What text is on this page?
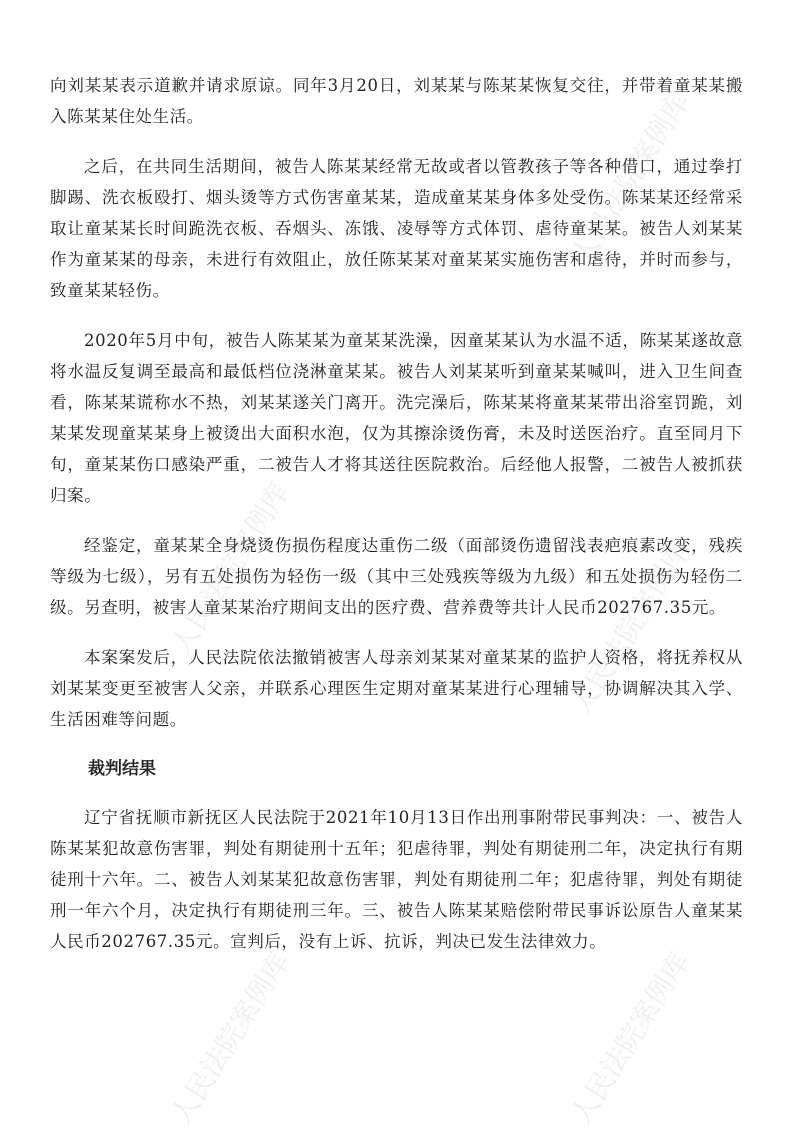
人民法院案例库
人民法院案例库
人民法院案例库
人民法院案例库	人民法院案例库

向刘某某表示道歉并请求原谅。同年3月20日，刘某某与陈某某恢复交往，并带着童某某搬入陈某某住处生活。

之后，在共同生活期间，被告人陈某某经常无故或者以管教孩子等各种借口，通过拳打脚踢、洗衣板殴打、烟头烫等方式伤害童某某，造成童某某身体多处受伤。陈某某还经常采取让童某某长时间跪洗衣板、吞烟头、冻饿、凌辱等方式体罚、虐待童某某。被告人刘某某作为童某某的母亲，未进行有效阻止，放任陈某某对童某某实施伤害和虐待，并时而参与，致童某某轻伤。

2020年5月中旬，被告人陈某某为童某某洗澡，因童某某认为水温不适，陈某某遂故意将水温反复调至最高和最低档位浇淋童某某。被告人刘某某听到童某某喊叫，进入卫生间查看，陈某某谎称水不热，刘某某遂关门离开。洗完澡后，陈某某将童某某带出浴室罚跪，刘某某发现童某某身上被烫出大面积水泡，仅为其擦涂烫伤膏，未及时送医治疗。直至同月下旬，童某某伤口感染严重，二被告人才将其送往医院救治。后经他人报警，二被告人被抓获归案。

经鉴定，童某某全身烧烫伤损伤程度达重伤二级（面部烫伤遗留浅表疤痕素改变，残疾等级为七级），另有五处损伤为轻伤一级（其中三处残疾等级为九级）和五处损伤为轻伤二级。另查明，被害人童某某治疗期间支出的医疗费、营养费等共计人民币202767.35元。

本案案发后，人民法院依法撤销被害人母亲刘某某对童某某的监护人资格，将抚养权从刘某某变更至被害人父亲，并联系心理医生定期对童某某进行心理辅导，协调解决其入学、生活困难等问题。

裁判结果

辽宁省抚顺市新抚区人民法院于2021年10月13日作出刑事附带民事判决：一、被告人陈某某犯故意伤害罪，判处有期徒刑十五年；犯虐待罪，判处有期徒刑二年，决定执行有期徒刑十六年。二、被告人刘某某犯故意伤害罪，判处有期徒刑二年；犯虐待罪，判处有期徒刑一年六个月，决定执行有期徒刑三年。三、被告人陈某某赔偿附带民事诉讼原告人童某某人民币202767.35元。宣判后，没有上诉、抗诉，判决已发生法律效力。
